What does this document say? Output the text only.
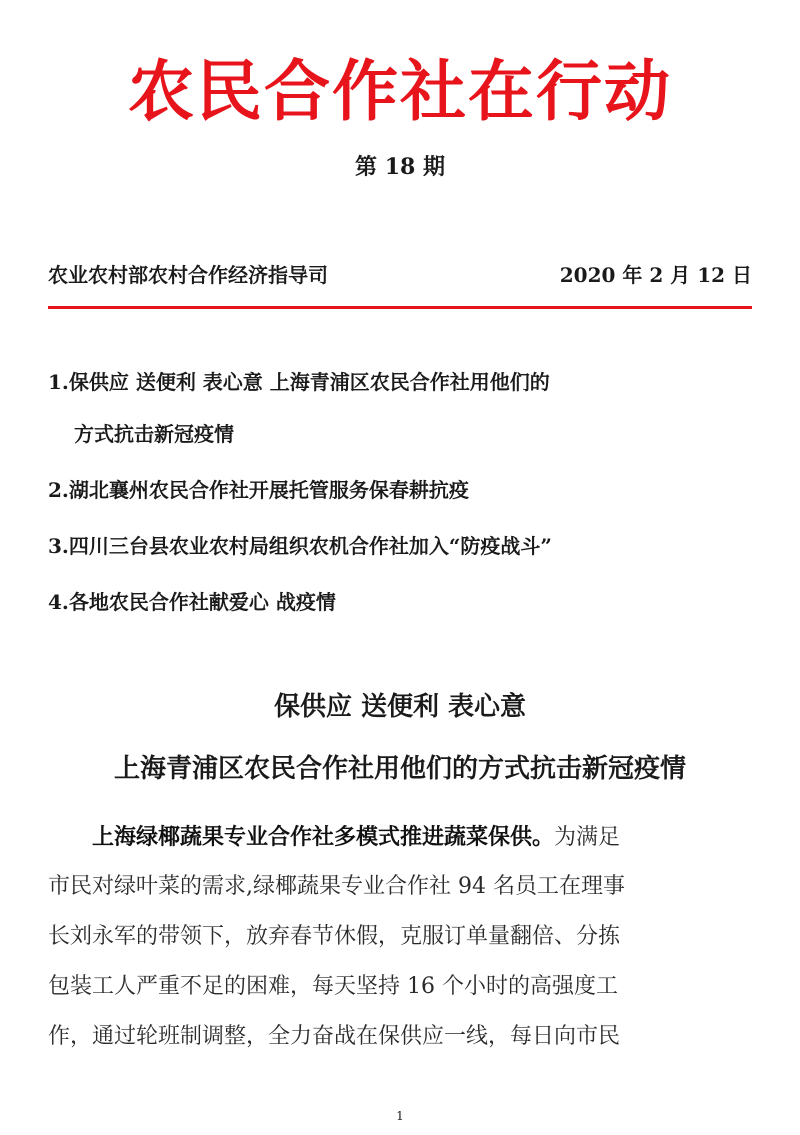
农民合作社在行动
第 18 期
农业农村部农村合作经济指导司	2020 年 2 月 12 日
1.保供应 送便利 表心意 上海青浦区农民合作社用他们的
方式抗击新冠疫情
2.湖北襄州农民合作社开展托管服务保春耕抗疫
3.四川三台县农业农村局组织农机合作社加入“防疫战斗”
4.各地农民合作社献爱心 战疫情
保供应 送便利 表心意
上海青浦区农民合作社用他们的方式抗击新冠疫情
上海绿椰蔬果专业合作社多模式推进蔬菜保供。为满足
市民对绿叶菜的需求,绿椰蔬果专业合作社 94 名员工在理事
长刘永军的带领下，放弃春节休假，克服订单量翻倍、分拣
包装工人严重不足的困难，每天坚持 16 个小时的高强度工
作，通过轮班制调整，全力奋战在保供应一线，每日向市民
1
